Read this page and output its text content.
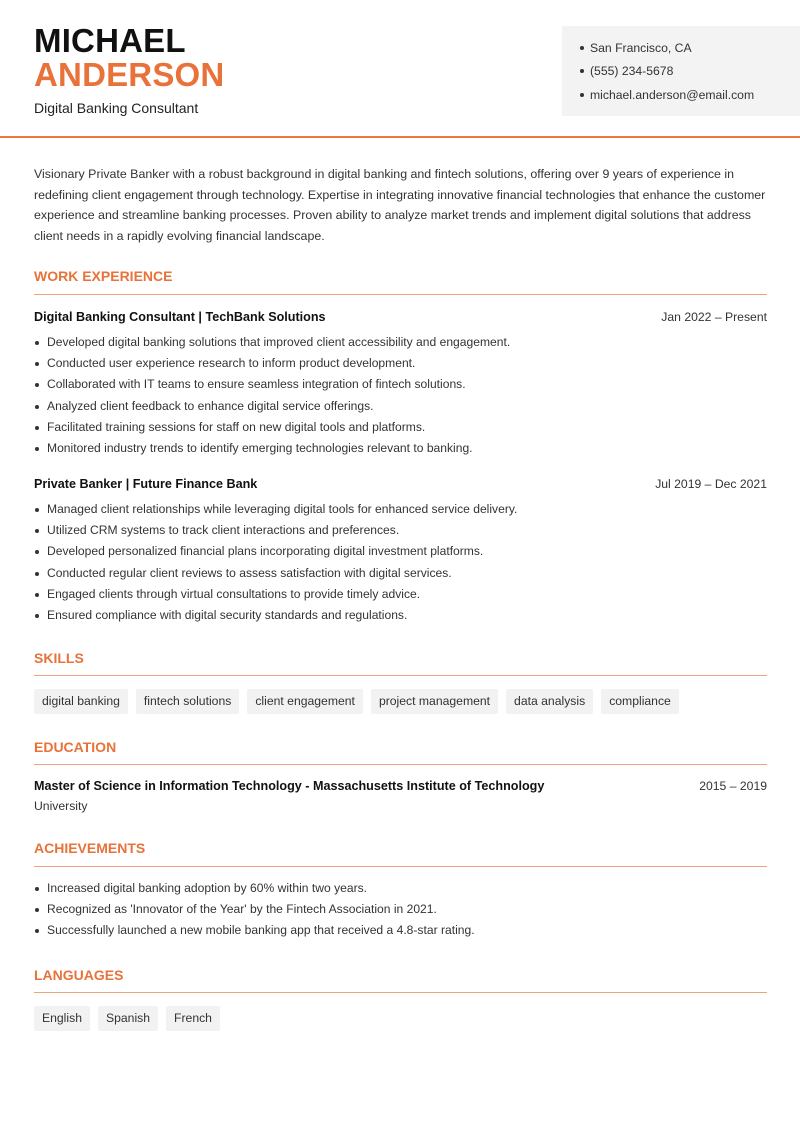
MICHAEL
ANDERSON
Digital Banking Consultant
San Francisco, CA
(555) 234-5678
michael.anderson@email.com

Visionary Private Banker with a robust background in digital banking and fintech solutions, offering over 9 years of experience in redefining client engagement through technology. Expertise in integrating innovative financial technologies that enhance the customer experience and streamline banking processes. Proven ability to analyze market trends and implement digital solutions that address client needs in a rapidly evolving financial landscape.

WORK EXPERIENCE
Digital Banking Consultant | TechBank Solutions	Jan 2022 – Present
Developed digital banking solutions that improved client accessibility and engagement.
Conducted user experience research to inform product development.
Collaborated with IT teams to ensure seamless integration of fintech solutions.
Analyzed client feedback to enhance digital service offerings.
Facilitated training sessions for staff on new digital tools and platforms.
Monitored industry trends to identify emerging technologies relevant to banking.
Private Banker | Future Finance Bank	Jul 2019 – Dec 2021
Managed client relationships while leveraging digital tools for enhanced service delivery.
Utilized CRM systems to track client interactions and preferences.
Developed personalized financial plans incorporating digital investment platforms.
Conducted regular client reviews to assess satisfaction with digital services.
Engaged clients through virtual consultations to provide timely advice.
Ensured compliance with digital security standards and regulations.
SKILLS
digital banking	fintech solutions	client engagement	project management	data analysis	compliance
EDUCATION
Master of Science in Information Technology - Massachusetts Institute of Technology	2015 – 2019
University
ACHIEVEMENTS
Increased digital banking adoption by 60% within two years.
Recognized as 'Innovator of the Year' by the Fintech Association in 2021.
Successfully launched a new mobile banking app that received a 4.8-star rating.
LANGUAGES
English	Spanish	French
